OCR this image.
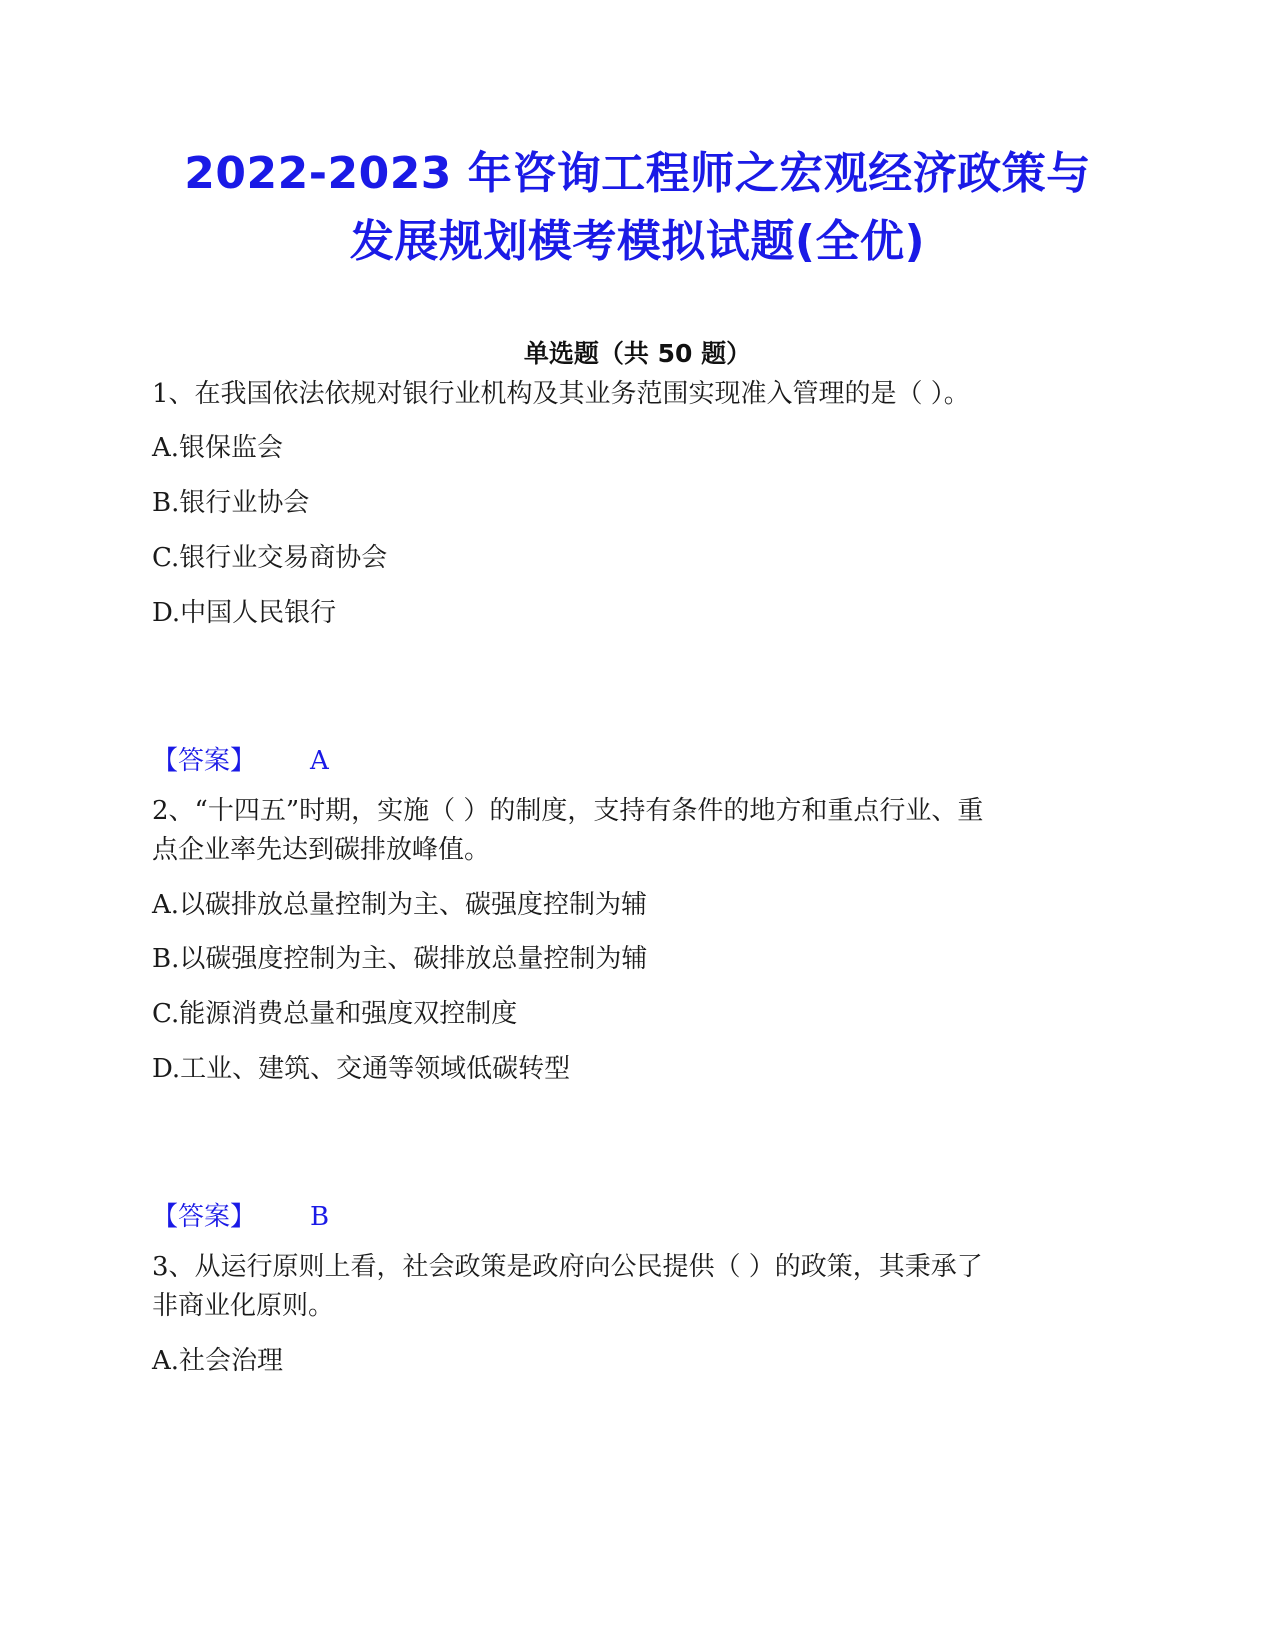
2022-2023 年咨询工程师之宏观经济政策与
发展规划模考模拟试题(全优)
单选题（共 50 题）
1、在我国依法依规对银行业机构及其业务范围实现准入管理的是（ ）。
A.银保监会
B.银行业协会
C.银行业交易商协会
D.中国人民银行
【答案】 A
2、“十四五”时期，实施（ ）的制度，支持有条件的地方和重点行业、重
点企业率先达到碳排放峰值。
A.以碳排放总量控制为主、碳强度控制为辅
B.以碳强度控制为主、碳排放总量控制为辅
C.能源消费总量和强度双控制度
D.工业、建筑、交通等领域低碳转型
【答案】 B
3、从运行原则上看，社会政策是政府向公民提供（ ）的政策，其秉承了
非商业化原则。
A.社会治理
